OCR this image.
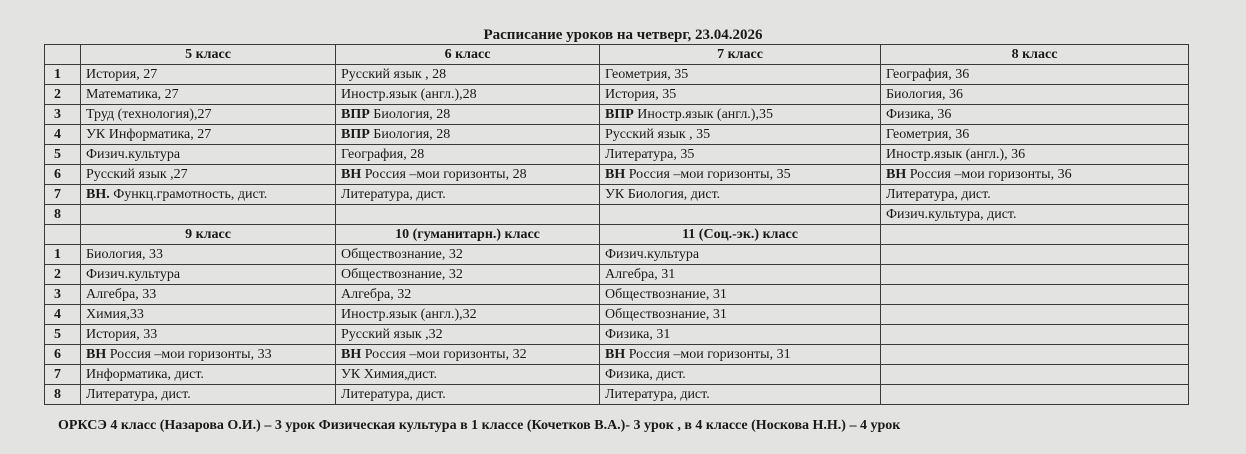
Расписание уроков на четверг, 23.04.2026
	5 класс	6 класс	7 класс	8 класс
1	История, 27	Русский язык , 28	Геометрия, 35	География, 36
2	Математика, 27	Иностр.язык (англ.),28	История, 35	Биология, 36
3	Труд (технология),27	ВПР Биология, 28	ВПР Иностр.язык (англ.),35	Физика, 36
4	УК Информатика, 27	ВПР Биология, 28	Русский язык , 35	Геометрия, 36
5	Физич.культура	География, 28	Литература, 35	Иностр.язык (англ.), 36
6	Русский язык ,27	ВН Россия –мои горизонты, 28	ВН Россия –мои горизонты, 35	ВН Россия –мои горизонты, 36
7	ВН. Функц.грамотность, дист.	Литература, дист.	УК Биология, дист.	Литература, дист.
8				Физич.культура, дист.
	9 класс	10 (гуманитарн.) класс	11 (Соц.-эк.) класс	
1	Биология, 33	Обществознание, 32	Физич.культура	
2	Физич.культура	Обществознание, 32	Алгебра, 31	
3	Алгебра, 33	Алгебра, 32	Обществознание, 31	
4	Химия,33	Иностр.язык (англ.),32	Обществознание, 31	
5	История, 33	Русский язык ,32	Физика, 31	
6	ВН Россия –мои горизонты, 33	ВН Россия –мои горизонты, 32	ВН Россия –мои горизонты, 31	
7	Информатика, дист.	УК Химия,дист.	Физика, дист.	
8	Литература, дист.	Литература, дист.	Литература, дист.	
ОРКСЭ 4 класс (Назарова О.И.) – 3 урок Физическая культура в 1 классе (Кочетков В.А.)- 3 урок , в 4 классе (Носкова Н.Н.) – 4 урок
